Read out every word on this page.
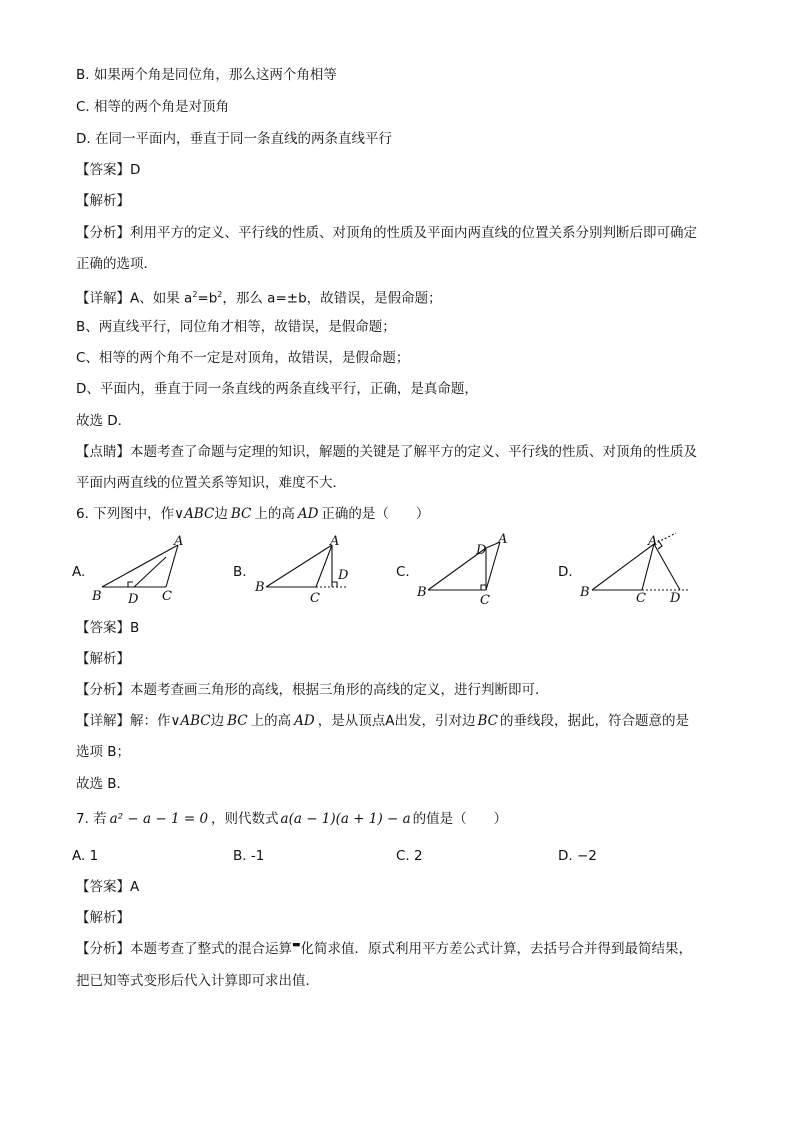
B. 如果两个角是同位角，那么这两个角相等
C. 相等的两个角是对顶角
D. 在同一平面内，垂直于同一条直线的两条直线平行
【答案】D
【解析】
【分析】利用平方的定义、平行线的性质、对顶角的性质及平面内两直线的位置关系分别判断后即可确定
正确的选项．
【详解】A、如果 $a^2=b^2$，那么 a=±b，故错误，是假命题；
B、两直线平行，同位角才相等，故错误，是假命题；
C、相等的两个角不一定是对顶角，故错误，是假命题；
D、平面内，垂直于同一条直线的两条直线平行，正确，是真命题，
故选 D．
【点睛】本题考查了命题与定理的知识，解题的关键是了解平方的定义、平行线的性质、对顶角的性质及
平面内两直线的位置关系等知识，难度不大．
6. 下列图中，作∨ABC边 BC 上的高 AD 正确的是（　　）
A.
A
B D C
B.
A
B
C
D	C.
A
D
B
C
D.
A
B	C D
【答案】B
【解析】
【分析】本题考查画三角形的高线，根据三角形的高线的定义，进行判断即可．
【详解】解：作∨ABC边 BC 上的高 AD ，是从顶点A出发，引对边 BC 的垂线段，据此，符合题意的是
选项 B；
故选 B．
7. 若 a² − a − 1 = 0 ，则代数式 a(a − 1)(a + 1) − a 的值是（　　）
A. 1	B. -1	C. 2	D. −2
【答案】A
【解析】
【分析】本题考查了整式的混合运算▬化简求值．原式利用平方差公式计算，去括号合并得到最简结果，
把已知等式变形后代入计算即可求出值．
